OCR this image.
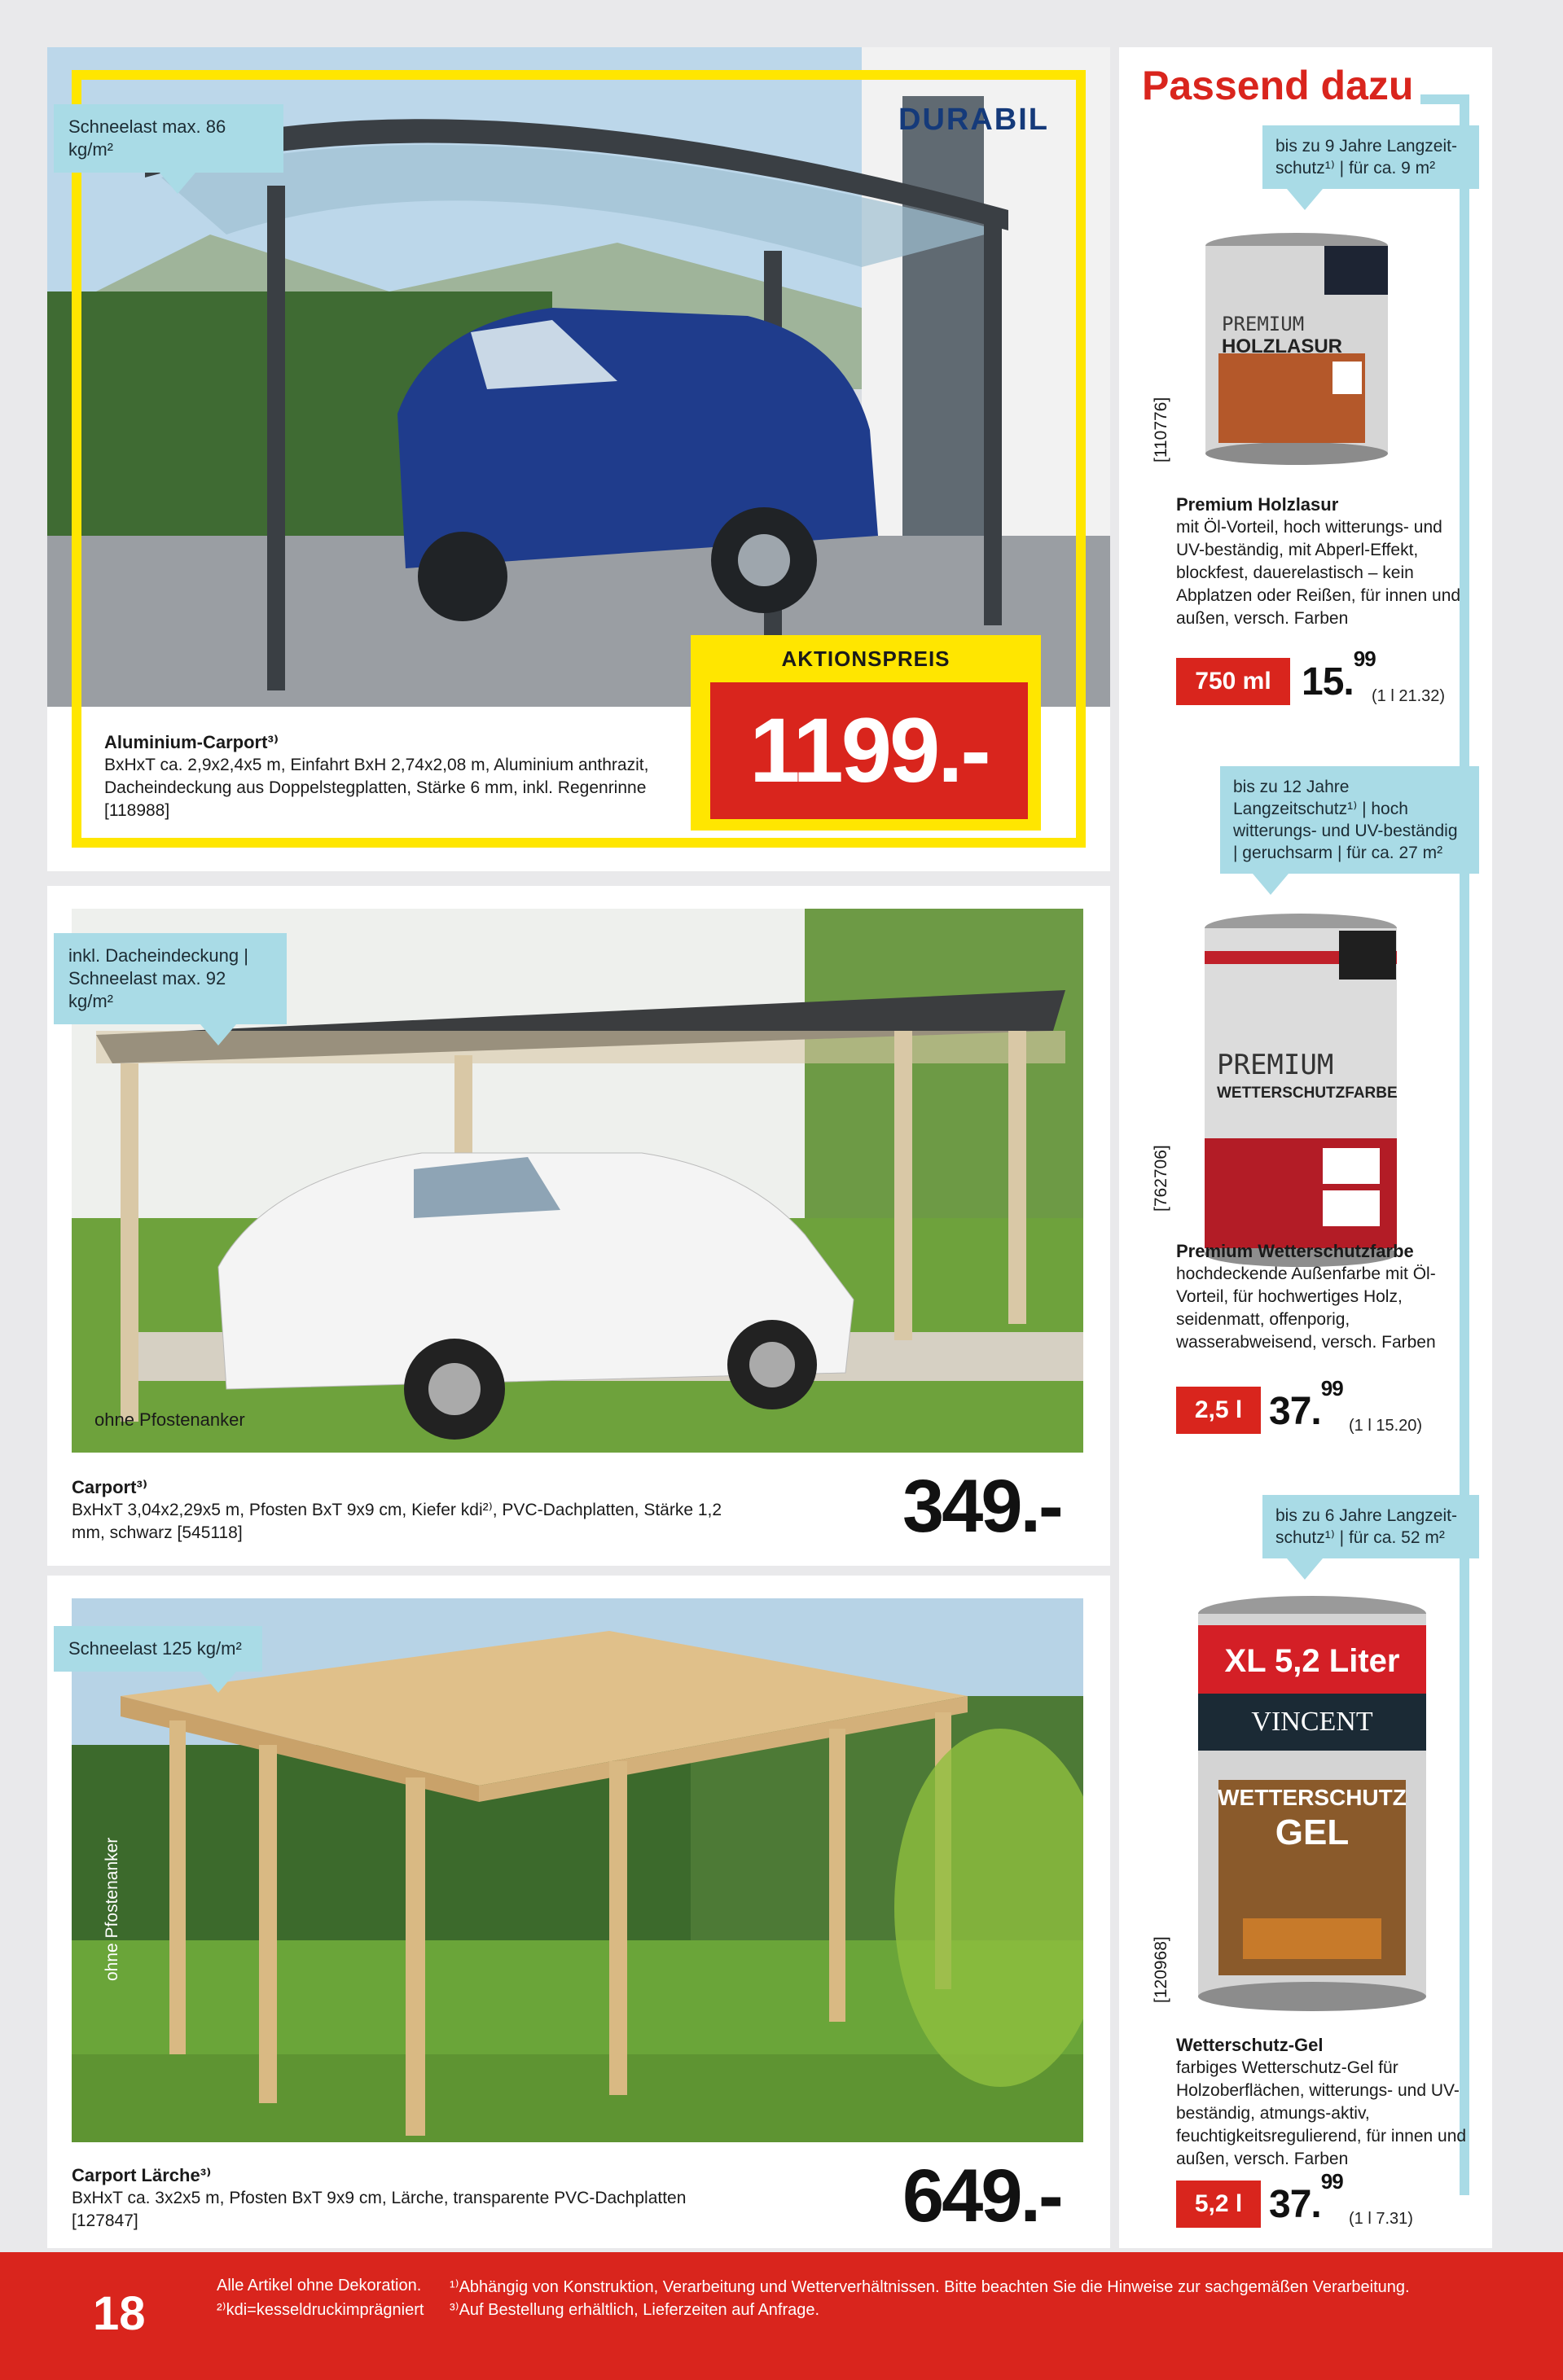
Schneelast max. 86 kg/m²
DURABIL
Aluminium-Carport³⁾
BxHxT ca. 2,9x2,4x5 m, Einfahrt BxH 2,74x2,08 m, Aluminium anthrazit, Dacheindeckung aus Doppelstegplatten, Stärke 6 mm, inkl. Regenrinne [118988]
AKTIONSPREIS
1199.-
inkl. Dacheindeckung | Schneelast max. 92 kg/m²
ohne Pfostenanker
Carport³⁾
BxHxT 3,04x2,29x5 m, Pfosten BxT 9x9 cm, Kiefer kdi²⁾, PVC-Dachplatten, Stärke 1,2 mm, schwarz [545118]	349.-
Schneelast 125 kg/m²
ohne Pfostenanker
Carport Lärche³⁾
BxHxT ca. 3x2x5 m, Pfosten BxT 9x9 cm, Lärche, transparente PVC-Dachplatten [127847]	649.-
Passend dazu
bis zu 9 Jahre Langzeit-schutz¹⁾ | für ca. 9 m²
PREMIUM
HOLZLASUR
[110776]
Premium Holzlasur
mit Öl-Vorteil, hoch witterungs- und UV-beständig, mit Abperl-Effekt, blockfest, dauerelastisch – kein Abplatzen oder Reißen, für innen und außen, versch. Farben
750 ml 15.99
(1 l 21.32)
bis zu 12 Jahre Langzeitschutz¹⁾ | hoch witterungs- und UV-beständig | geruchsarm | für ca. 27 m²
PREMIUM
WETTERSCHUTZFARBE
[762706]
Premium Wetterschutzfarbe
hochdeckende Außenfarbe mit Öl-Vorteil, für hochwertiges Holz, seidenmatt, offenporig, wasserabweisend, versch. Farben
2,5 l 37.99
(1 l 15.20)
bis zu 6 Jahre Langzeit-schutz¹⁾ | für ca. 52 m²
XL 5,2 Liter
VINCENT
WETTERSCHUTZ
GEL
[120968]
Wetterschutz-Gel
farbiges Wetterschutz-Gel für Holzoberflächen, witterungs- und UV-beständig, atmungs-aktiv, feuchtigkeitsregulierend, für innen und außen, versch. Farben
5,2 l 37.99
(1 l 7.31)
18
Alle Artikel ohne Dekoration.
²⁾kdi=kesseldruckimprägniert
¹⁾Abhängig von Konstruktion, Verarbeitung und Wetterverhältnissen. Bitte beachten Sie die Hinweise zur sachgemäßen Verarbeitung.
³⁾Auf Bestellung erhältlich, Lieferzeiten auf Anfrage.
